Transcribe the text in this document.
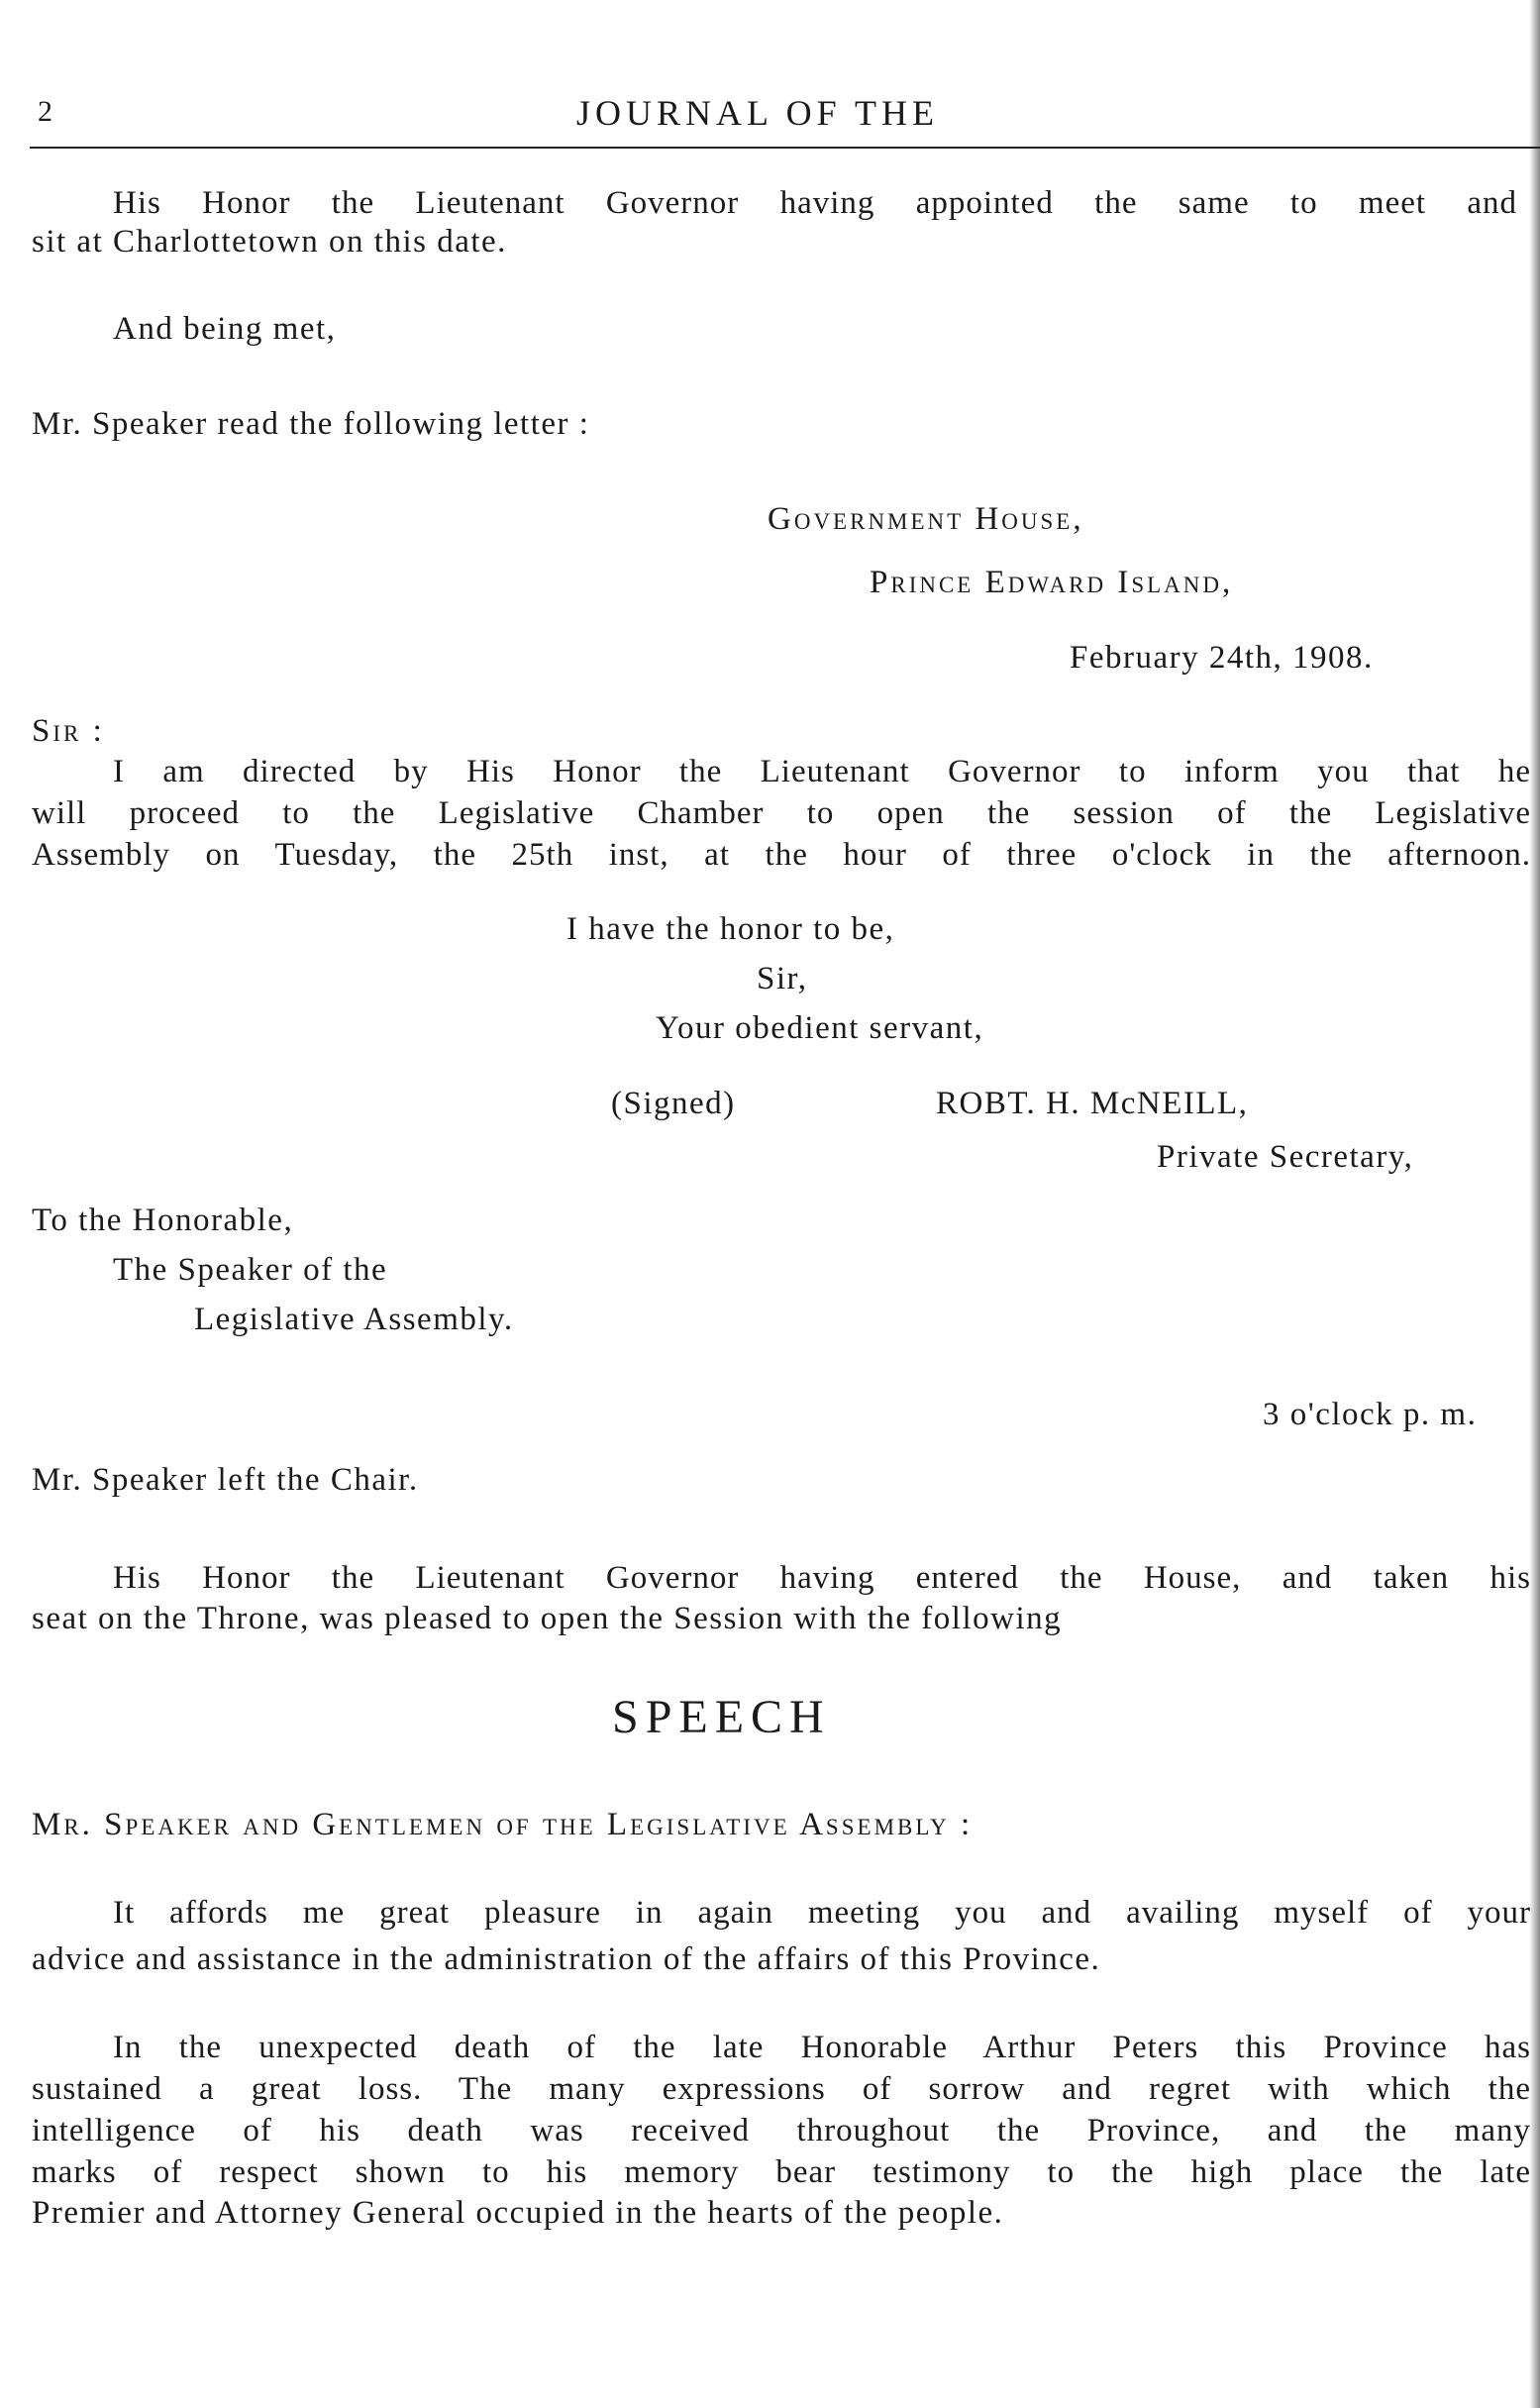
2	JOURNAL OF THE
His Honor the Lieutenant Governor having appointed the same to meet and
sit at Charlottetown on this date.
And being met,
Mr. Speaker read the following letter :
Government House,
Prince Edward Island,
February 24th, 1908.
Sir :
I am directed by His Honor the Lieutenant Governor to inform you that he
will proceed to the Legislative Chamber to open the session of the Legislative
Assembly on Tuesday, the 25th inst, at the hour of three o'clock in the afternoon.
I have the honor to be,
Sir,
Your obedient servant,
(Signed)	ROBT. H. McNEILL,
Private Secretary,
To the Honorable,
The Speaker of the
Legislative Assembly.
3 o'clock p. m.
Mr. Speaker left the Chair.
His Honor the Lieutenant Governor having entered the House, and taken his
seat on the Throne, was pleased to open the Session with the following
SPEECH
Mr. Speaker and Gentlemen of the Legislative Assembly :
It affords me great pleasure in again meeting you and availing myself of your
advice and assistance in the administration of the affairs of this Province.
In the unexpected death of the late Honorable Arthur Peters this Province has
sustained a great loss. The many expressions of sorrow and regret with which the
intelligence of his death was received throughout the Province, and the many
marks of respect shown to his memory bear testimony to the high place the late
Premier and Attorney General occupied in the hearts of the people.
